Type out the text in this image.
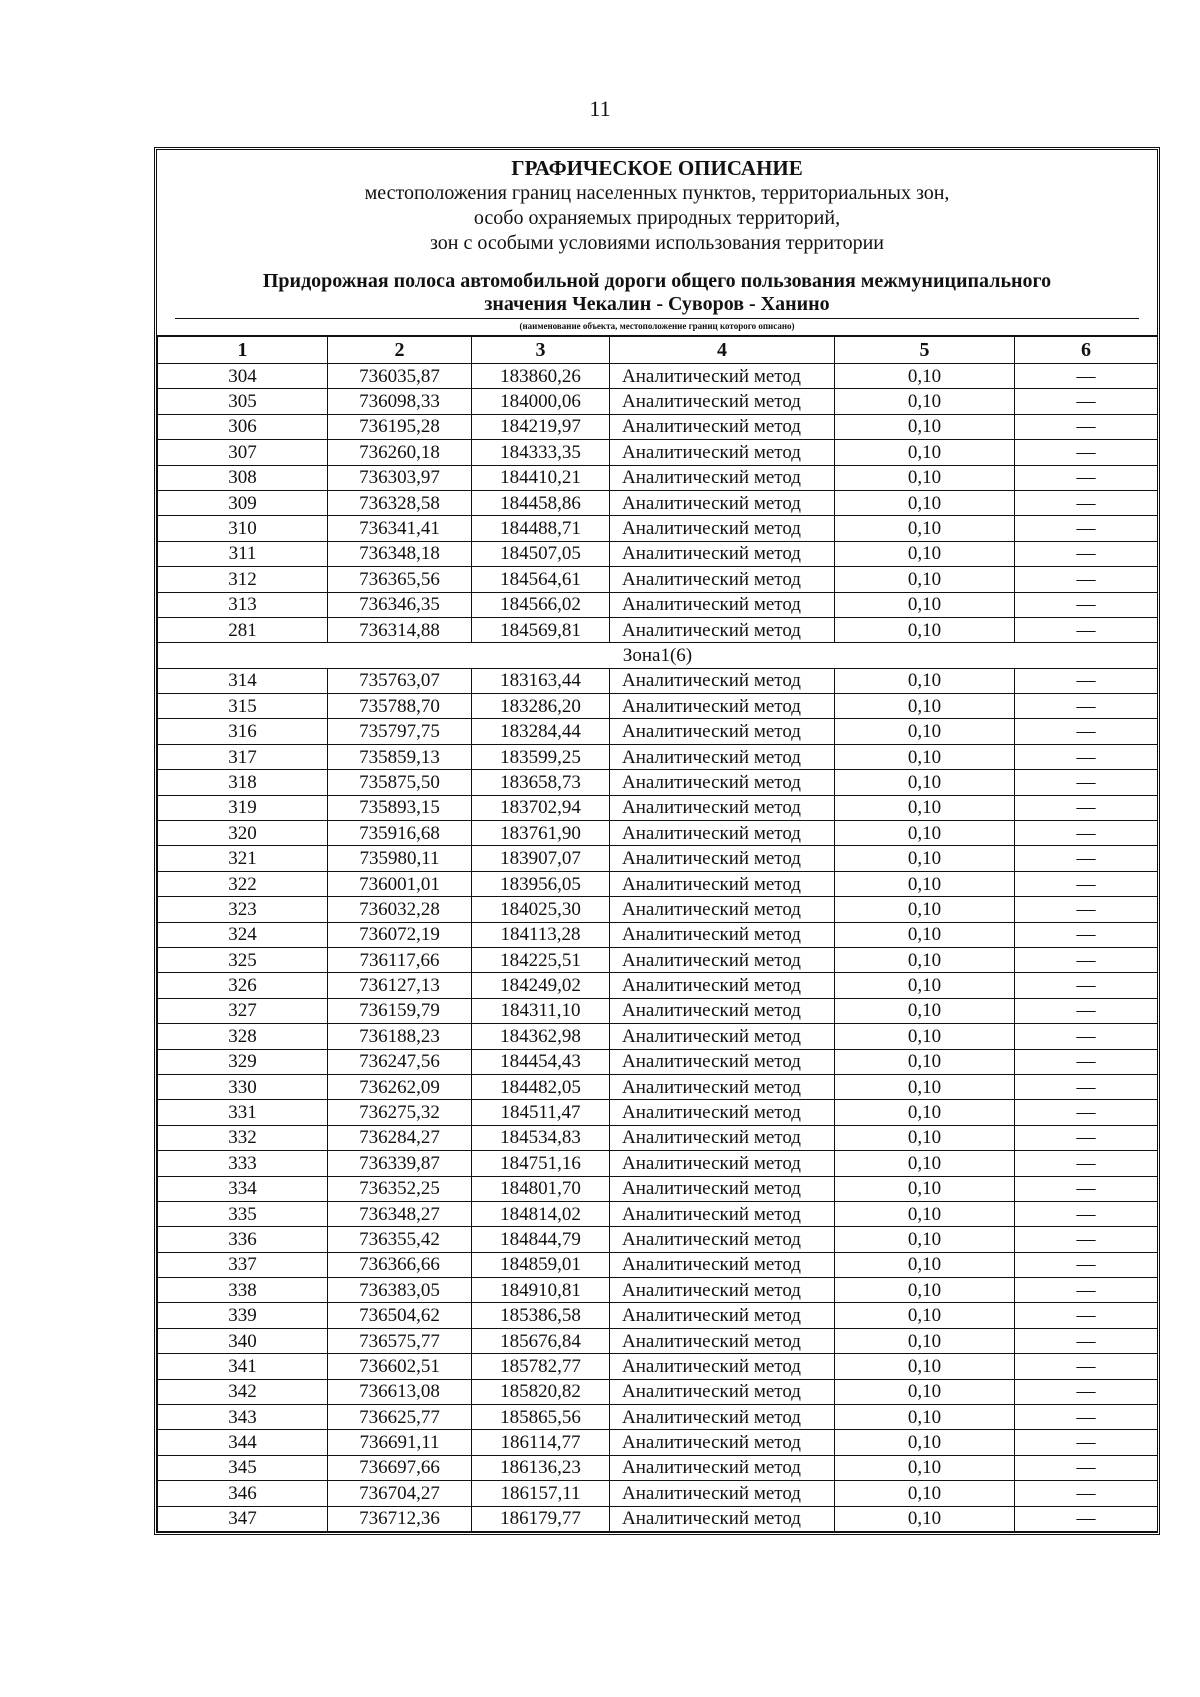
11
ГРАФИЧЕСКОЕ ОПИСАНИЕ
местоположения границ населенных пунктов, территориальных зон,
особо охраняемых природных территорий,
зон с особыми условиями использования территории
Придорожная полоса автомобильной дороги общего пользования межмуниципального
значения Чекалин - Суворов - Ханино
(наименование объекта, местоположение границ которого описано)
1	2	3	4	5	6
304	736035,87	183860,26	Аналитический метод	0,10	—
305	736098,33	184000,06	Аналитический метод	0,10	—
306	736195,28	184219,97	Аналитический метод	0,10	—
307	736260,18	184333,35	Аналитический метод	0,10	—
308	736303,97	184410,21	Аналитический метод	0,10	—
309	736328,58	184458,86	Аналитический метод	0,10	—
310	736341,41	184488,71	Аналитический метод	0,10	—
311	736348,18	184507,05	Аналитический метод	0,10	—
312	736365,56	184564,61	Аналитический метод	0,10	—
313	736346,35	184566,02	Аналитический метод	0,10	—
281	736314,88	184569,81	Аналитический метод	0,10	—
Зона1(6)					
314	735763,07	183163,44	Аналитический метод	0,10	—
315	735788,70	183286,20	Аналитический метод	0,10	—
316	735797,75	183284,44	Аналитический метод	0,10	—
317	735859,13	183599,25	Аналитический метод	0,10	—
318	735875,50	183658,73	Аналитический метод	0,10	—
319	735893,15	183702,94	Аналитический метод	0,10	—
320	735916,68	183761,90	Аналитический метод	0,10	—
321	735980,11	183907,07	Аналитический метод	0,10	—
322	736001,01	183956,05	Аналитический метод	0,10	—
323	736032,28	184025,30	Аналитический метод	0,10	—
324	736072,19	184113,28	Аналитический метод	0,10	—
325	736117,66	184225,51	Аналитический метод	0,10	—
326	736127,13	184249,02	Аналитический метод	0,10	—
327	736159,79	184311,10	Аналитический метод	0,10	—
328	736188,23	184362,98	Аналитический метод	0,10	—
329	736247,56	184454,43	Аналитический метод	0,10	—
330	736262,09	184482,05	Аналитический метод	0,10	—
331	736275,32	184511,47	Аналитический метод	0,10	—
332	736284,27	184534,83	Аналитический метод	0,10	—
333	736339,87	184751,16	Аналитический метод	0,10	—
334	736352,25	184801,70	Аналитический метод	0,10	—
335	736348,27	184814,02	Аналитический метод	0,10	—
336	736355,42	184844,79	Аналитический метод	0,10	—
337	736366,66	184859,01	Аналитический метод	0,10	—
338	736383,05	184910,81	Аналитический метод	0,10	—
339	736504,62	185386,58	Аналитический метод	0,10	—
340	736575,77	185676,84	Аналитический метод	0,10	—
341	736602,51	185782,77	Аналитический метод	0,10	—
342	736613,08	185820,82	Аналитический метод	0,10	—
343	736625,77	185865,56	Аналитический метод	0,10	—
344	736691,11	186114,77	Аналитический метод	0,10	—
345	736697,66	186136,23	Аналитический метод	0,10	—
346	736704,27	186157,11	Аналитический метод	0,10	—
347	736712,36	186179,77	Аналитический метод	0,10	—
